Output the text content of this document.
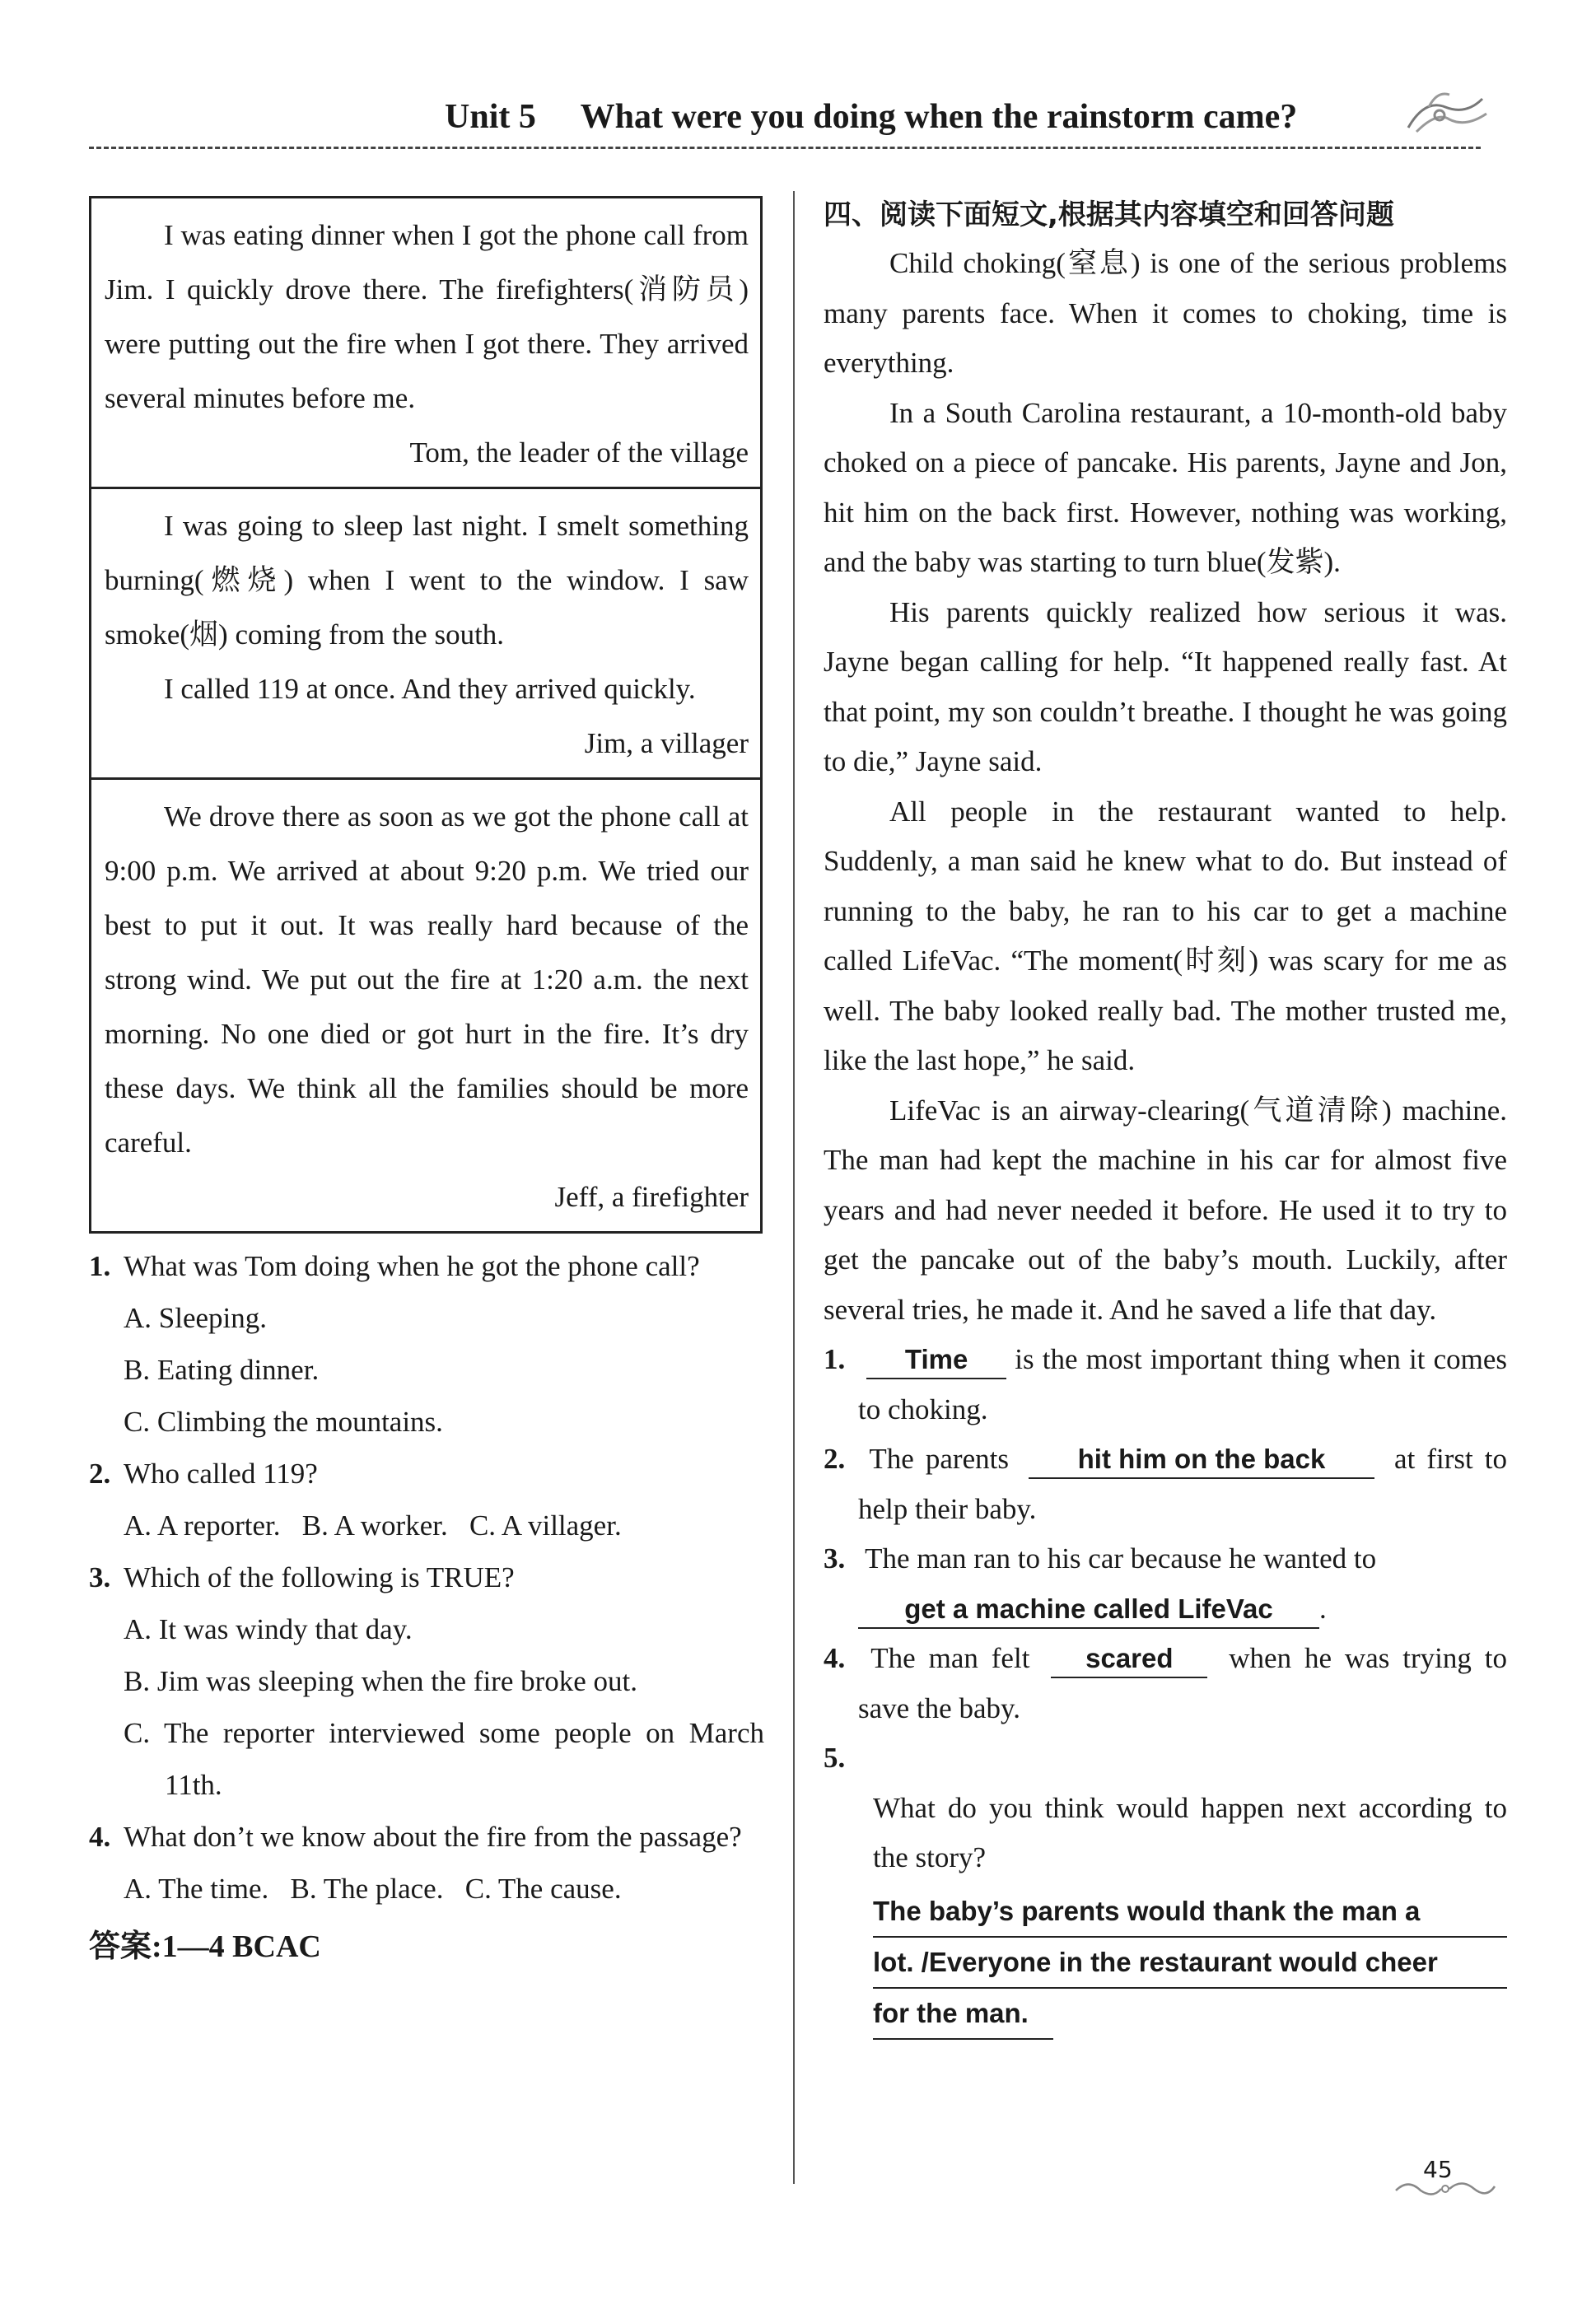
Unit 5 What were you doing when the rainstorm came?

I was eating dinner when I got the phone call from Jim. I quickly drove there. The firefighters(消防员) were putting out the fire when I got there. They arrived several minutes before me.

Tom, the leader of the village

I was going to sleep last night. I smelt something burning(燃烧) when I went to the window. I saw smoke(烟) coming from the south.

I called 119 at once. And they arrived quickly.

Jim, a villager

We drove there as soon as we got the phone call at 9:00 p.m. We arrived at about 9:20 p.m. We tried our best to put it out. It was really hard because of the strong wind. We put out the fire at 1:20 a.m. the next morning. No one died or got hurt in the fire. It’s dry these days. We think all the families should be more careful.

Jeff, a firefighter

1. What was Tom doing when he got the phone call?
A. Sleeping.
B. Eating dinner.
C. Climbing the mountains.
2. Who called 119?
A. A reporter.   B. A worker.   C. A villager.
3. Which of the following is TRUE?
A. It was windy that day.
B. Jim was sleeping when the fire broke out.
C. The reporter interviewed some people on March 11th.
4. What don’t we know about the fire from the passage?
A. The time.   B. The place.   C. The cause.
答案:1—4 BCAC
四、阅读下面短文,根据其内容填空和回答问题

Child choking(窒息) is one of the serious problems many parents face. When it comes to choking, time is everything.

In a South Carolina restaurant, a 10-month-old baby choked on a piece of pancake. His parents, Jayne and Jon, hit him on the back first. However, nothing was working, and the baby was starting to turn blue(发紫).

His parents quickly realized how serious it was. Jayne began calling for help. “It happened really fast. At that point, my son couldn’t breathe. I thought he was going to die,” Jayne said.

All people in the restaurant wanted to help. Suddenly, a man said he knew what to do. But instead of running to the baby, he ran to his car to get a machine called LifeVac. “The moment(时刻) was scary for me as well. The baby looked really bad. The mother trusted me, like the last hope,” he said.

LifeVac is an airway-clearing(气道清除) machine. The man had kept the machine in his car for almost five years and had never needed it before. He used it to try to get the pancake out of the baby’s mouth. Luckily, after several tries, he made it. And he saved a life that day.

1. Time is the most important thing when it comes to choking.
2. The parents	hit him on the back at first to help their baby.
3. The man ran to his car because he wanted to
get a machine called LifeVac .
4. The man felt scared when he was trying to save the baby.
5. What do you think would happen next according to the story?
The baby’s parents would thank the man a
lot. /Everyone in the restaurant would cheer
for the man.
45
